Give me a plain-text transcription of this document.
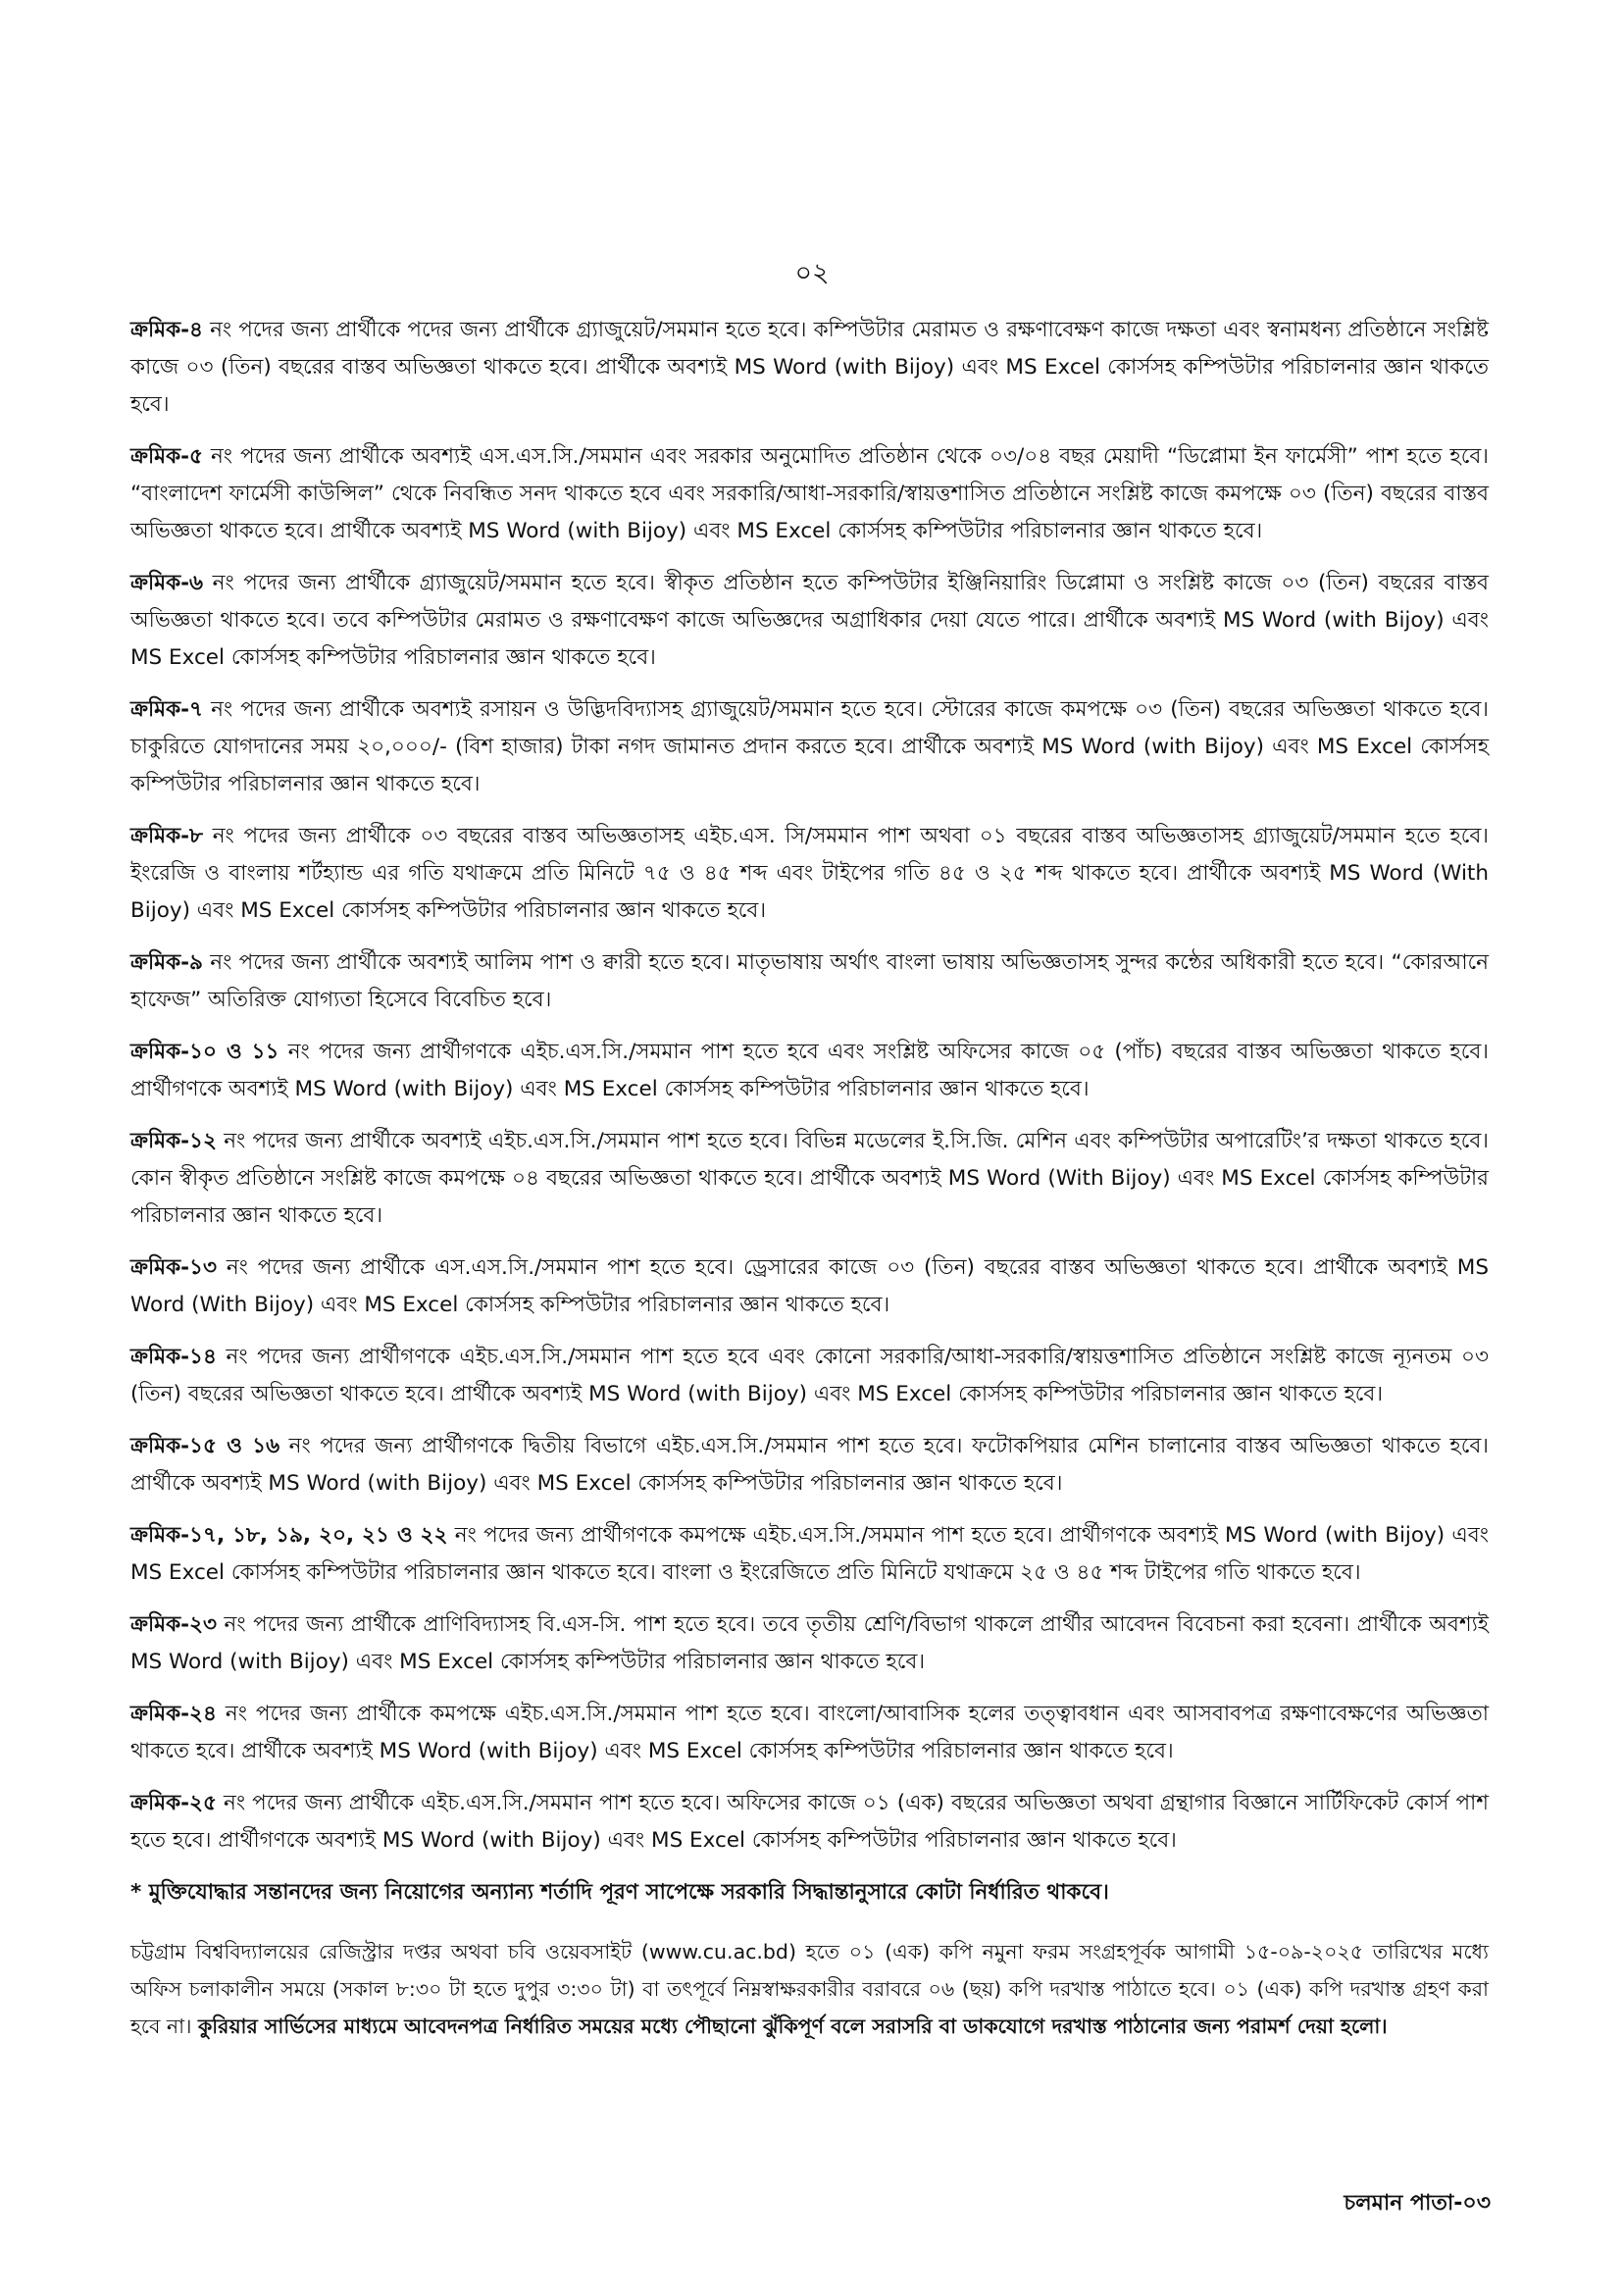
০২

ক্রমিক-৪ নং পদের জন্য প্রার্থীকে পদের জন্য প্রার্থীকে গ্র্যাজুয়েট/সমমান হতে হবে। কম্পিউটার মেরামত ও রক্ষণাবেক্ষণ কাজে দক্ষতা এবং স্বনামধন্য প্রতিষ্ঠানে সংশ্লিষ্ট কাজে ০৩ (তিন) বছরের বাস্তব অভিজ্ঞতা থাকতে হবে। প্রার্থীকে অবশ্যই MS Word (with Bijoy) এবং MS Excel কোর্সসহ কম্পিউটার পরিচালনার জ্ঞান থাকতে হবে।

ক্রমিক-৫ নং পদের জন্য প্রার্থীকে অবশ্যই এস.এস.সি./সমমান এবং সরকার অনুমোদিত প্রতিষ্ঠান থেকে ০৩/০৪ বছর মেয়াদী “ডিপ্লোমা ইন ফার্মেসী” পাশ হতে হবে। “বাংলাদেশ ফার্মেসী কাউন্সিল” থেকে নিবন্ধিত সনদ থাকতে হবে এবং সরকারি/আধা-সরকারি/স্বায়ত্তশাসিত প্রতিষ্ঠানে সংশ্লিষ্ট কাজে কমপক্ষে ০৩ (তিন) বছরের বাস্তব অভিজ্ঞতা থাকতে হবে। প্রার্থীকে অবশ্যই MS Word (with Bijoy) এবং MS Excel কোর্সসহ কম্পিউটার পরিচালনার জ্ঞান থাকতে হবে।

ক্রমিক-৬ নং পদের জন্য প্রার্থীকে গ্র্যাজুয়েট/সমমান হতে হবে। স্বীকৃত প্রতিষ্ঠান হতে কম্পিউটার ইঞ্জিনিয়ারিং ডিপ্লোমা ও সংশ্লিষ্ট কাজে ০৩ (তিন) বছরের বাস্তব অভিজ্ঞতা থাকতে হবে। তবে কম্পিউটার মেরামত ও রক্ষণাবেক্ষণ কাজে অভিজ্ঞদের অগ্রাধিকার দেয়া যেতে পারে। প্রার্থীকে অবশ্যই MS Word (with Bijoy) এবং MS Excel কোর্সসহ কম্পিউটার পরিচালনার জ্ঞান থাকতে হবে।

ক্রমিক-৭ নং পদের জন্য প্রার্থীকে অবশ্যই রসায়ন ও উদ্ভিদবিদ্যাসহ গ্র্যাজুয়েট/সমমান হতে হবে। স্টোরের কাজে কমপক্ষে ০৩ (তিন) বছরের অভিজ্ঞতা থাকতে হবে। চাকুরিতে যোগদানের সময় ২০,০০০/- (বিশ হাজার) টাকা নগদ জামানত প্রদান করতে হবে। প্রার্থীকে অবশ্যই MS Word (with Bijoy) এবং MS Excel কোর্সসহ কম্পিউটার পরিচালনার জ্ঞান থাকতে হবে।

ক্রমিক-৮ নং পদের জন্য প্রার্থীকে ০৩ বছরের বাস্তব অভিজ্ঞতাসহ এইচ.এস. সি/সমমান পাশ অথবা ০১ বছরের বাস্তব অভিজ্ঞতাসহ গ্র্যাজুয়েট/সমমান হতে হবে। ইংরেজি ও বাংলায় শর্টহ্যান্ড এর গতি যথাক্রমে প্রতি মিনিটে ৭৫ ও ৪৫ শব্দ এবং টাইপের গতি ৪৫ ও ২৫ শব্দ থাকতে হবে। প্রার্থীকে অবশ্যই MS Word (With Bijoy) এবং MS Excel কোর্সসহ কম্পিউটার পরিচালনার জ্ঞান থাকতে হবে।

ক্রমিক-৯ নং পদের জন্য প্রার্থীকে অবশ্যই আলিম পাশ ও ক্বারী হতে হবে। মাতৃভাষায় অর্থাৎ বাংলা ভাষায় অভিজ্ঞতাসহ সুন্দর কন্ঠের অধিকারী হতে হবে। “কোরআনে হাফেজ” অতিরিক্ত যোগ্যতা হিসেবে বিবেচিত হবে।

ক্রমিক-১০ ও ১১ নং পদের জন্য প্রার্থীগণকে এইচ.এস.সি./সমমান পাশ হতে হবে এবং সংশ্লিষ্ট অফিসের কাজে ০৫ (পাঁচ) বছরের বাস্তব অভিজ্ঞতা থাকতে হবে। প্রার্থীগণকে অবশ্যই MS Word (with Bijoy) এবং MS Excel কোর্সসহ কম্পিউটার পরিচালনার জ্ঞান থাকতে হবে।

ক্রমিক-১২ নং পদের জন্য প্রার্থীকে অবশ্যই এইচ.এস.সি./সমমান পাশ হতে হবে। বিভিন্ন মডেলের ই.সি.জি. মেশিন এবং কম্পিউটার অপারেটিং’র দক্ষতা থাকতে হবে। কোন স্বীকৃত প্রতিষ্ঠানে সংশ্লিষ্ট কাজে কমপক্ষে ০৪ বছরের অভিজ্ঞতা থাকতে হবে। প্রার্থীকে অবশ্যই MS Word (With Bijoy) এবং MS Excel কোর্সসহ কম্পিউটার পরিচালনার জ্ঞান থাকতে হবে।

ক্রমিক-১৩ নং পদের জন্য প্রার্থীকে এস.এস.সি./সমমান পাশ হতে হবে। ড্রেসারের কাজে ০৩ (তিন) বছরের বাস্তব অভিজ্ঞতা থাকতে হবে। প্রার্থীকে অবশ্যই MS Word (With Bijoy) এবং MS Excel কোর্সসহ কম্পিউটার পরিচালনার জ্ঞান থাকতে হবে।

ক্রমিক-১৪ নং পদের জন্য প্রার্থীগণকে এইচ.এস.সি./সমমান পাশ হতে হবে এবং কোনো সরকারি/আধা-সরকারি/স্বায়ত্তশাসিত প্রতিষ্ঠানে সংশ্লিষ্ট কাজে ন্যূনতম ০৩ (তিন) বছরের অভিজ্ঞতা থাকতে হবে। প্রার্থীকে অবশ্যই MS Word (with Bijoy) এবং MS Excel কোর্সসহ কম্পিউটার পরিচালনার জ্ঞান থাকতে হবে।

ক্রমিক-১৫ ও ১৬ নং পদের জন্য প্রার্থীগণকে দ্বিতীয় বিভাগে এইচ.এস.সি./সমমান পাশ হতে হবে। ফটোকপিয়ার মেশিন চালানোর বাস্তব অভিজ্ঞতা থাকতে হবে। প্রার্থীকে অবশ্যই MS Word (with Bijoy) এবং MS Excel কোর্সসহ কম্পিউটার পরিচালনার জ্ঞান থাকতে হবে।

ক্রমিক-১৭, ১৮, ১৯, ২০, ২১ ও ২২ নং পদের জন্য প্রার্থীগণকে কমপক্ষে এইচ.এস.সি./সমমান পাশ হতে হবে। প্রার্থীগণকে অবশ্যই MS Word (with Bijoy) এবং MS Excel কোর্সসহ কম্পিউটার পরিচালনার জ্ঞান থাকতে হবে। বাংলা ও ইংরেজিতে প্রতি মিনিটে যথাক্রমে ২৫ ও ৪৫ শব্দ টাইপের গতি থাকতে হবে।

ক্রমিক-২৩ নং পদের জন্য প্রার্থীকে প্রাণিবিদ্যাসহ বি.এস-সি. পাশ হতে হবে। তবে তৃতীয় শ্রেণি/বিভাগ থাকলে প্রার্থীর আবেদন বিবেচনা করা হবেনা। প্রার্থীকে অবশ্যই MS Word (with Bijoy) এবং MS Excel কোর্সসহ কম্পিউটার পরিচালনার জ্ঞান থাকতে হবে।

ক্রমিক-২৪ নং পদের জন্য প্রার্থীকে কমপক্ষে এইচ.এস.সি./সমমান পাশ হতে হবে। বাংলো/আবাসিক হলের তত্ত্বাবধান এবং আসবাবপত্র রক্ষণাবেক্ষণের অভিজ্ঞতা থাকতে হবে। প্রার্থীকে অবশ্যই MS Word (with Bijoy) এবং MS Excel কোর্সসহ কম্পিউটার পরিচালনার জ্ঞান থাকতে হবে।

ক্রমিক-২৫ নং পদের জন্য প্রার্থীকে এইচ.এস.সি./সমমান পাশ হতে হবে। অফিসের কাজে ০১ (এক) বছরের অভিজ্ঞতা অথবা গ্রন্থাগার বিজ্ঞানে সার্টিফিকেট কোর্স পাশ হতে হবে। প্রার্থীগণকে অবশ্যই MS Word (with Bijoy) এবং MS Excel কোর্সসহ কম্পিউটার পরিচালনার জ্ঞান থাকতে হবে।

* মুক্তিযোদ্ধার সন্তানদের জন্য নিয়োগের অন্যান্য শর্তাদি পূরণ সাপেক্ষে সরকারি সিদ্ধান্তানুসারে কোটা নির্ধারিত থাকবে।

চট্টগ্রাম বিশ্ববিদ্যালয়ের রেজিস্ট্রার দপ্তর অথবা চবি ওয়েবসাইট (www.cu.ac.bd) হতে ০১ (এক) কপি নমুনা ফরম সংগ্রহপূর্বক আগামী ১৫-০৯-২০২৫ তারিখের মধ্যে অফিস চলাকালীন সময়ে (সকাল ৮:৩০ টা হতে দুপুর ৩:৩০ টা) বা তৎপূর্বে নিম্নস্বাক্ষরকারীর বরাবরে ০৬ (ছয়) কপি দরখাস্ত পাঠাতে হবে। ০১ (এক) কপি দরখাস্ত গ্রহণ করা হবে না। কুরিয়ার সার্ভিসের মাধ্যমে আবেদনপত্র নির্ধারিত সময়ের মধ্যে পৌছানো ঝুঁকিপূর্ণ বলে সরাসরি বা ডাকযোগে দরখাস্ত পাঠানোর জন্য পরামর্শ দেয়া হলো।

চলমান পাতা-০৩
